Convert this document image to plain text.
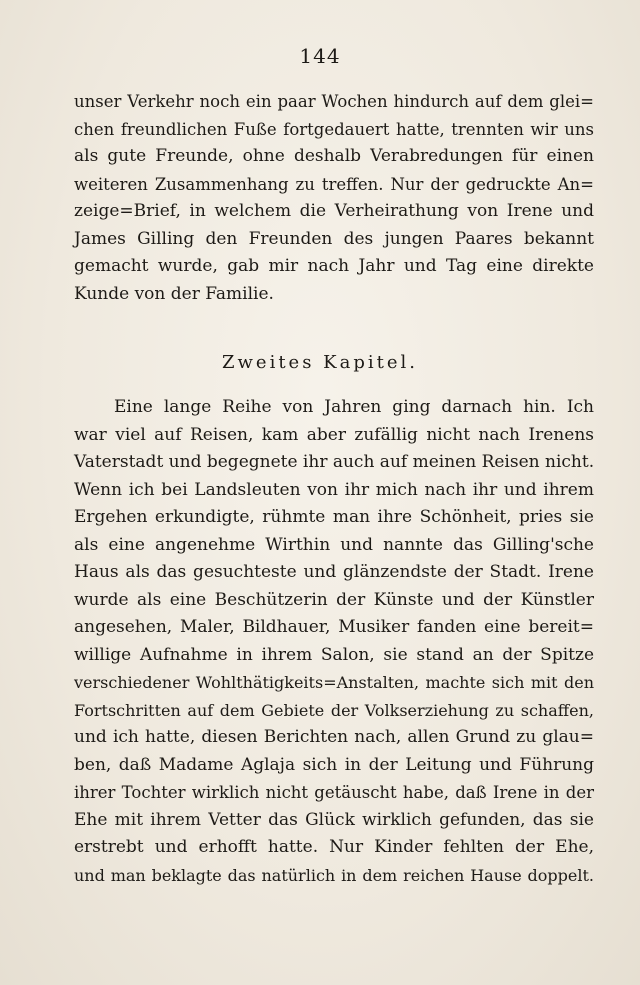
144
unser Verkehr noch ein paar Wochen hindurch auf dem glei=
chen freundlichen Fuße fortgedauert hatte, trennten wir uns
als gute Freunde, ohne deshalb Verabredungen für einen
weiteren Zusammenhang zu treffen. Nur der gedruckte An=
zeige=Brief, in welchem die Verheirathung von Irene und
James Gilling den Freunden des jungen Paares bekannt
gemacht wurde, gab mir nach Jahr und Tag eine direkte
Kunde von der Familie.
Zweites Kapitel.
Eine lange Reihe von Jahren ging darnach hin. Ich
war viel auf Reisen, kam aber zufällig nicht nach Irenens
Vaterstadt und begegnete ihr auch auf meinen Reisen nicht.
Wenn ich bei Landsleuten von ihr mich nach ihr und ihrem
Ergehen erkundigte, rühmte man ihre Schönheit, pries sie
als eine angenehme Wirthin und nannte das Gilling'sche
Haus als das gesuchteste und glänzendste der Stadt. Irene
wurde als eine Beschützerin der Künste und der Künstler
angesehen, Maler, Bildhauer, Musiker fanden eine bereit=
willige Aufnahme in ihrem Salon, sie stand an der Spitze
verschiedener Wohlthätigkeits=Anstalten, machte sich mit den
Fortschritten auf dem Gebiete der Volkserziehung zu schaffen,
und ich hatte, diesen Berichten nach, allen Grund zu glau=
ben, daß Madame Aglaja sich in der Leitung und Führung
ihrer Tochter wirklich nicht getäuscht habe, daß Irene in der
Ehe mit ihrem Vetter das Glück wirklich gefunden, das sie
erstrebt und erhofft hatte. Nur Kinder fehlten der Ehe,
und man beklagte das natürlich in dem reichen Hause doppelt.
